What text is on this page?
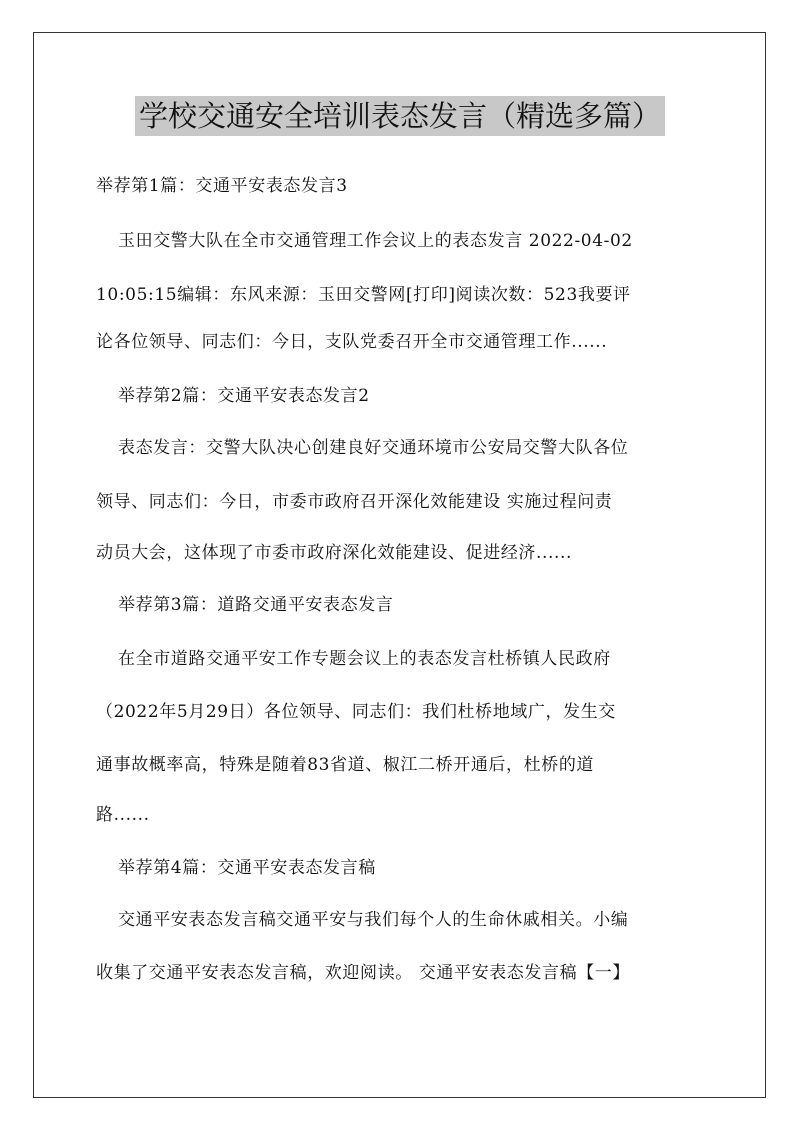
学校交通安全培训表态发言（精选多篇）
举荐第1篇：交通平安表态发言3
玉田交警大队在全市交通管理工作会议上的表态发言 2022-04-02
10:05:15编辑：东风来源：玉田交警网[打印]阅读次数：523我要评
论各位领导、同志们：今日，支队党委召开全市交通管理工作......
举荐第2篇：交通平安表态发言2
表态发言：交警大队决心创建良好交通环境市公安局交警大队各位
领导、同志们：今日，市委市政府召开深化效能建设 实施过程问责
动员大会，这体现了市委市政府深化效能建设、促进经济......
举荐第3篇：道路交通平安表态发言
在全市道路交通平安工作专题会议上的表态发言杜桥镇人民政府
（2022年5月29日）各位领导、同志们：我们杜桥地域广，发生交
通事故概率高，特殊是随着83省道、椒江二桥开通后，杜桥的道
路......
举荐第4篇：交通平安表态发言稿
交通平安表态发言稿交通平安与我们每个人的生命休戚相关。小编
收集了交通平安表态发言稿，欢迎阅读。 交通平安表态发言稿【一】
